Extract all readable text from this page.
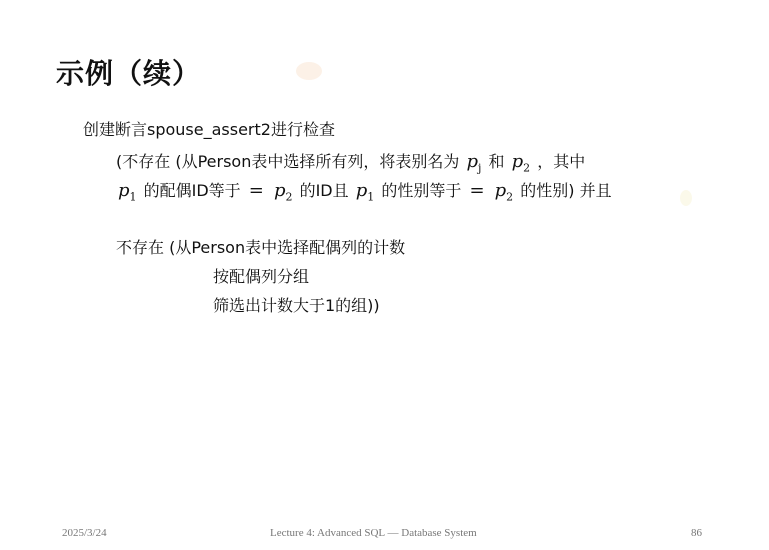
示例（续）
创建断言spouse_assert2进行检查
(不存在 (从Person表中选择所有列，将表别名为 $p_j$ 和 $p_2$ ，其中
$p_1$ 的配偶ID等于 = $p_2$ 的ID且 $p_1$ 的性别等于 = $p_2$ 的性别) 并且
不存在 (从Person表中选择配偶列的计数
按配偶列分组
筛选出计数大于1的组))
2025/3/24	Lecture 4: Advanced SQL — Database System	86
